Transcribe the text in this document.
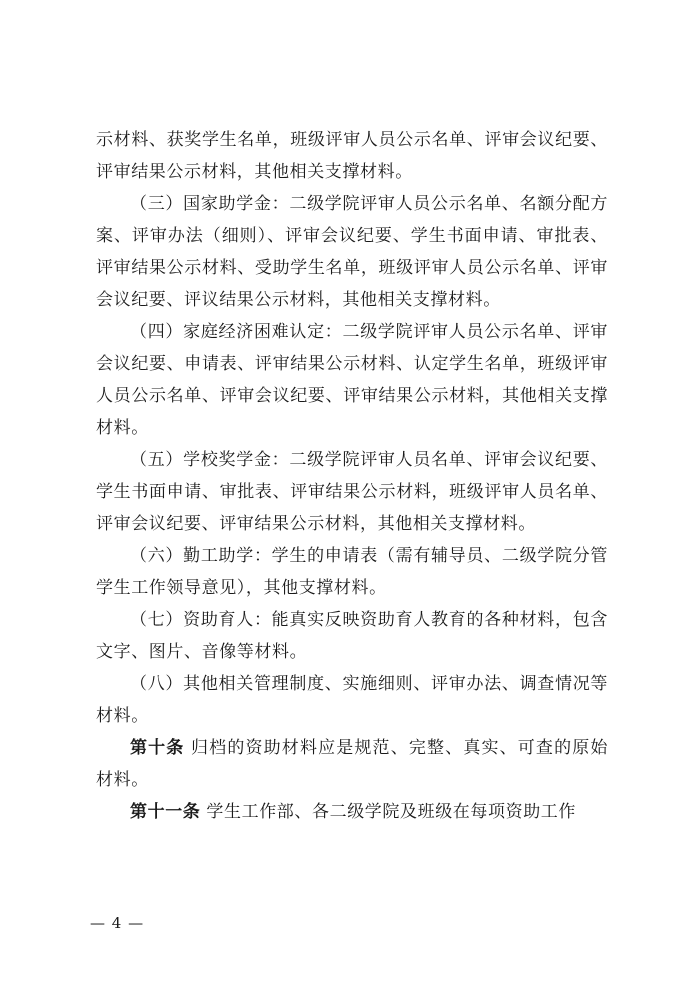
示材料、获奖学生名单，班级评审人员公示名单、评审会议纪要、评审结果公示材料，其他相关支撑材料。

（三）国家助学金：二级学院评审人员公示名单、名额分配方案、评审办法（细则）、评审会议纪要、学生书面申请、审批表、评审结果公示材料、受助学生名单，班级评审人员公示名单、评审会议纪要、评议结果公示材料，其他相关支撑材料。

（四）家庭经济困难认定：二级学院评审人员公示名单、评审会议纪要、申请表、评审结果公示材料、认定学生名单，班级评审人员公示名单、评审会议纪要、评审结果公示材料，其他相关支撑材料。

（五）学校奖学金：二级学院评审人员名单、评审会议纪要、学生书面申请、审批表、评审结果公示材料，班级评审人员名单、评审会议纪要、评审结果公示材料，其他相关支撑材料。

（六）勤工助学：学生的申请表（需有辅导员、二级学院分管学生工作领导意见），其他支撑材料。

（七）资助育人：能真实反映资助育人教育的各种材料，包含文字、图片、音像等材料。

（八）其他相关管理制度、实施细则、评审办法、调查情况等材料。

第十条 归档的资助材料应是规范、完整、真实、可查的原始材料。

第十一条 学生工作部、各二级学院及班级在每项资助工作

— 4 —
